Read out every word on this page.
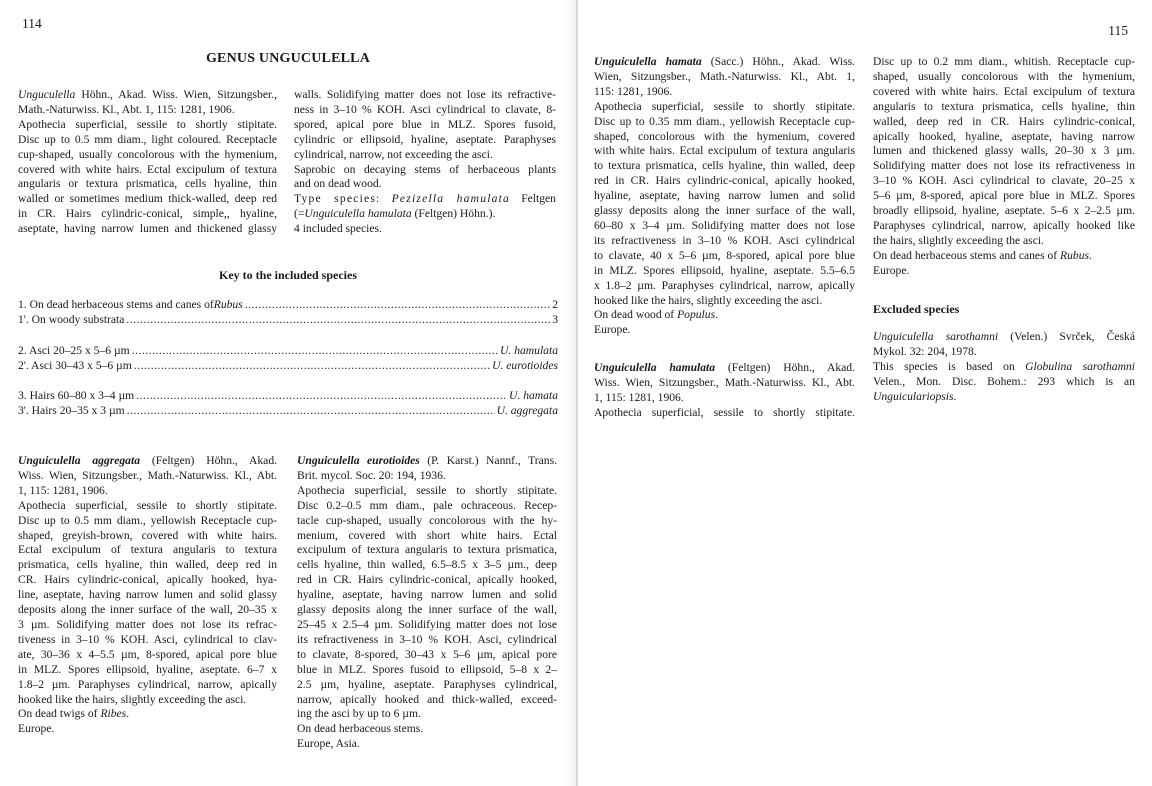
114
GENUS UNGUCULELLA

Unguculella Höhn., Akad. Wiss. Wien, Sitzungsber.,

Math.-Naturwiss. Kl., Abt. 1, 115: 1281, 1906.

Apothecia superficial, sessile to shortly stipitate.

Disc up to 0.5 mm diam., light coloured. Receptacle

cup-shaped, usually concolorous with the hymenium,

covered with white hairs. Ectal excipulum of textura

angularis or textura prismatica, cells hyaline, thin

walled or sometimes medium thick-walled, deep red

in CR. Hairs cylindric-conical, simple,, hyaline,

aseptate, having narrow lumen and thickened glassy

walls. Solidifying matter does not lose its refractive-

ness in 3–10 % KOH. Asci cylindrical to clavate, 8-

spored, apical pore blue in MLZ. Spores fusoid,

cylindric or ellipsoid, hyaline, aseptate. Paraphyses

cylindrical, narrow, not exceeding the asci.

Saprobic on decaying stems of herbaceous plants

and on dead wood.

Type species: Pezizella hamulata Feltgen

(=Unguiculella hamulata (Feltgen) Höhn.).

4 included species.

Key to the included species
1. On dead herbaceous stems and canes of Rubus .....	2
1'. On woody substrata .....	3
2. Asci 20–25 x 5–6 µm .....	U. hamulata
2'. Asci 30–43 x 5–6 µm .....	U. eurotioides
3. Hairs 60–80 x 3–4 µm .....	U. hamata
3'. Hairs 20–35 x 3 µm .....	U. aggregata

Unguiculella aggregata (Feltgen) Höhn., Akad.

Wiss. Wien, Sitzungsber., Math.-Naturwiss. Kl., Abt.

1, 115: 1281, 1906.

Apothecia superficial, sessile to shortly stipitate.

Disc up to 0.5 mm diam., yellowish Receptacle cup-

shaped, greyish-brown, covered with white hairs.

Ectal excipulum of textura angularis to textura

prismatica, cells hyaline, thin walled, deep red in

CR. Hairs cylindric-conical, apically hooked, hya-

line, aseptate, having narrow lumen and solid glassy

deposits along the inner surface of the wall, 20–35 x

3 µm. Solidifying matter does not lose its refrac-

tiveness in 3–10 % KOH. Asci, cylindrical to clav-

ate, 30–36 x 4–5.5 µm, 8-spored, apical pore blue

in MLZ. Spores ellipsoid, hyaline, aseptate. 6–7 x

1.8–2 µm. Paraphyses cylindrical, narrow, apically

hooked like the hairs, slightly exceeding the asci.

On dead twigs of Ribes.

Europe.

Unguiculella eurotioides (P. Karst.) Nannf., Trans.

Brit. mycol. Soc. 20: 194, 1936.

Apothecia superficial, sessile to shortly stipitate.

Disc 0.2–0.5 mm diam., pale ochraceous. Recep-

tacle cup-shaped, usually concolorous with the hy-

menium, covered with short white hairs. Ectal

excipulum of textura angularis to textura prismatica,

cells hyaline, thin walled, 6.5–8.5 x 3–5 µm., deep

red in CR. Hairs cylindric-conical, apically hooked,

hyaline, aseptate, having narrow lumen and solid

glassy deposits along the inner surface of the wall,

25–45 x 2.5–4 µm. Solidifying matter does not lose

its refractiveness in 3–10 % KOH. Asci, cylindrical

to clavate, 8-spored, 30–43 x 5–6 µm, apical pore

blue in MLZ. Spores fusoid to ellipsoid, 5–8 x 2–

2.5 µm, hyaline, aseptate. Paraphyses cylindrical,

narrow, apically hooked and thick-walled, exceed-

ing the asci by up to 6 µm.

On dead herbaceous stems.

Europe, Asia.

115

Unguiculella hamata (Sacc.) Höhn., Akad. Wiss.

Wien, Sitzungsber., Math.-Naturwiss. Kl., Abt. 1,

115: 1281, 1906.

Apothecia superficial, sessile to shortly stipitate.

Disc up to 0.35 mm diam., yellowish Receptacle cup-

shaped, concolorous with the hymenium, covered

with white hairs. Ectal excipulum of textura angularis

to textura prismatica, cells hyaline, thin walled, deep

red in CR. Hairs cylindric-conical, apically hooked,

hyaline, aseptate, having narrow lumen and solid

glassy deposits along the inner surface of the wall,

60–80 x 3–4 µm. Solidifying matter does not lose

its refractiveness in 3–10 % KOH. Asci cylindrical

to clavate, 40 x 5–6 µm, 8-spored, apical pore blue

in MLZ. Spores ellipsoid, hyaline, aseptate. 5.5–6.5

x 1.8–2 µm. Paraphyses cylindrical, narrow, apically

hooked like the hairs, slightly exceeding the asci.

On dead wood of Populus.

Europe.

Unguiculella hamulata (Feltgen) Höhn., Akad.

Wiss. Wien, Sitzungsber., Math.-Naturwiss. Kl., Abt.

1, 115: 1281, 1906.

Apothecia superficial, sessile to shortly stipitate.

Disc up to 0.2 mm diam., whitish. Receptacle cup-

shaped, usually concolorous with the hymenium,

covered with white hairs. Ectal excipulum of textura

angularis to textura prismatica, cells hyaline, thin

walled, deep red in CR. Hairs cylindric-conical,

apically hooked, hyaline, aseptate, having narrow

lumen and thickened glassy walls, 20–30 x 3 µm.

Solidifying matter does not lose its refractiveness in

3–10 % KOH. Asci cylindrical to clavate, 20–25 x

5–6 µm, 8-spored, apical pore blue in MLZ. Spores

broadly ellipsoid, hyaline, aseptate. 5–6 x 2–2.5 µm.

Paraphyses cylindrical, narrow, apically hooked like

the hairs, slightly exceeding the asci.

On dead herbaceous stems and canes of Rubus.

Europe.

Excluded species

Unguiculella sarothamni (Velen.) Svrček, Česká

Mykol. 32: 204, 1978.

This species is based on Globulina sarothamni

Velen., Mon. Disc. Bohem.: 293 which is an

Unguiculariopsis.
